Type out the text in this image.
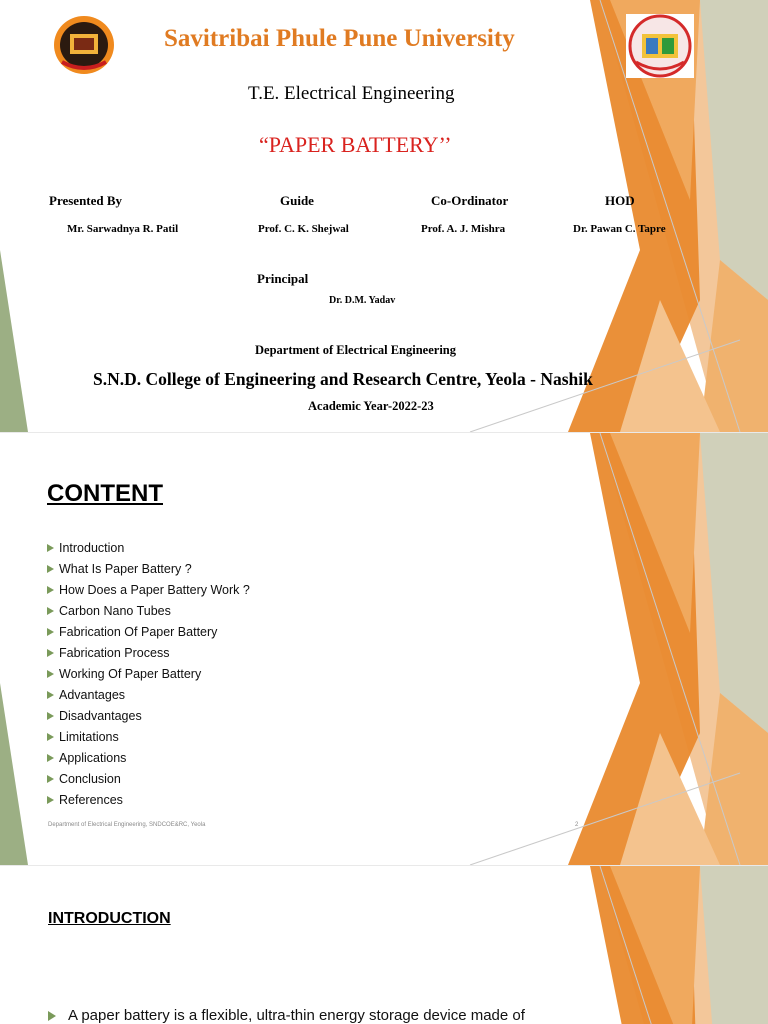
Savitribai Phule Pune University
T.E. Electrical Engineering
“PAPER BATTERY’’
Presented By	Guide	Co-Ordinator	HOD
Mr. Sarwadnya R. Patil	Prof. C. K. Shejwal	Prof. A. J. Mishra	Dr. Pawan C. Tapre
Principal
Dr. D.M. Yadav
Department of Electrical Engineering
S.N.D. College of Engineering and Research Centre, Yeola - Nashik
Academic Year-2022-23
CONTENT
Introduction
What Is Paper Battery ?
How Does a Paper Battery Work ?
Carbon Nano Tubes
Fabrication Of Paper Battery
Fabrication Process
Working Of Paper Battery
Advantages
Disadvantages
Limitations
Applications
Conclusion
References
Department of Electrical Engineering, SNDCOE&RC, Yeola	2
INTRODUCTION
A paper battery is a flexible, ultra-thin energy storage device made of
